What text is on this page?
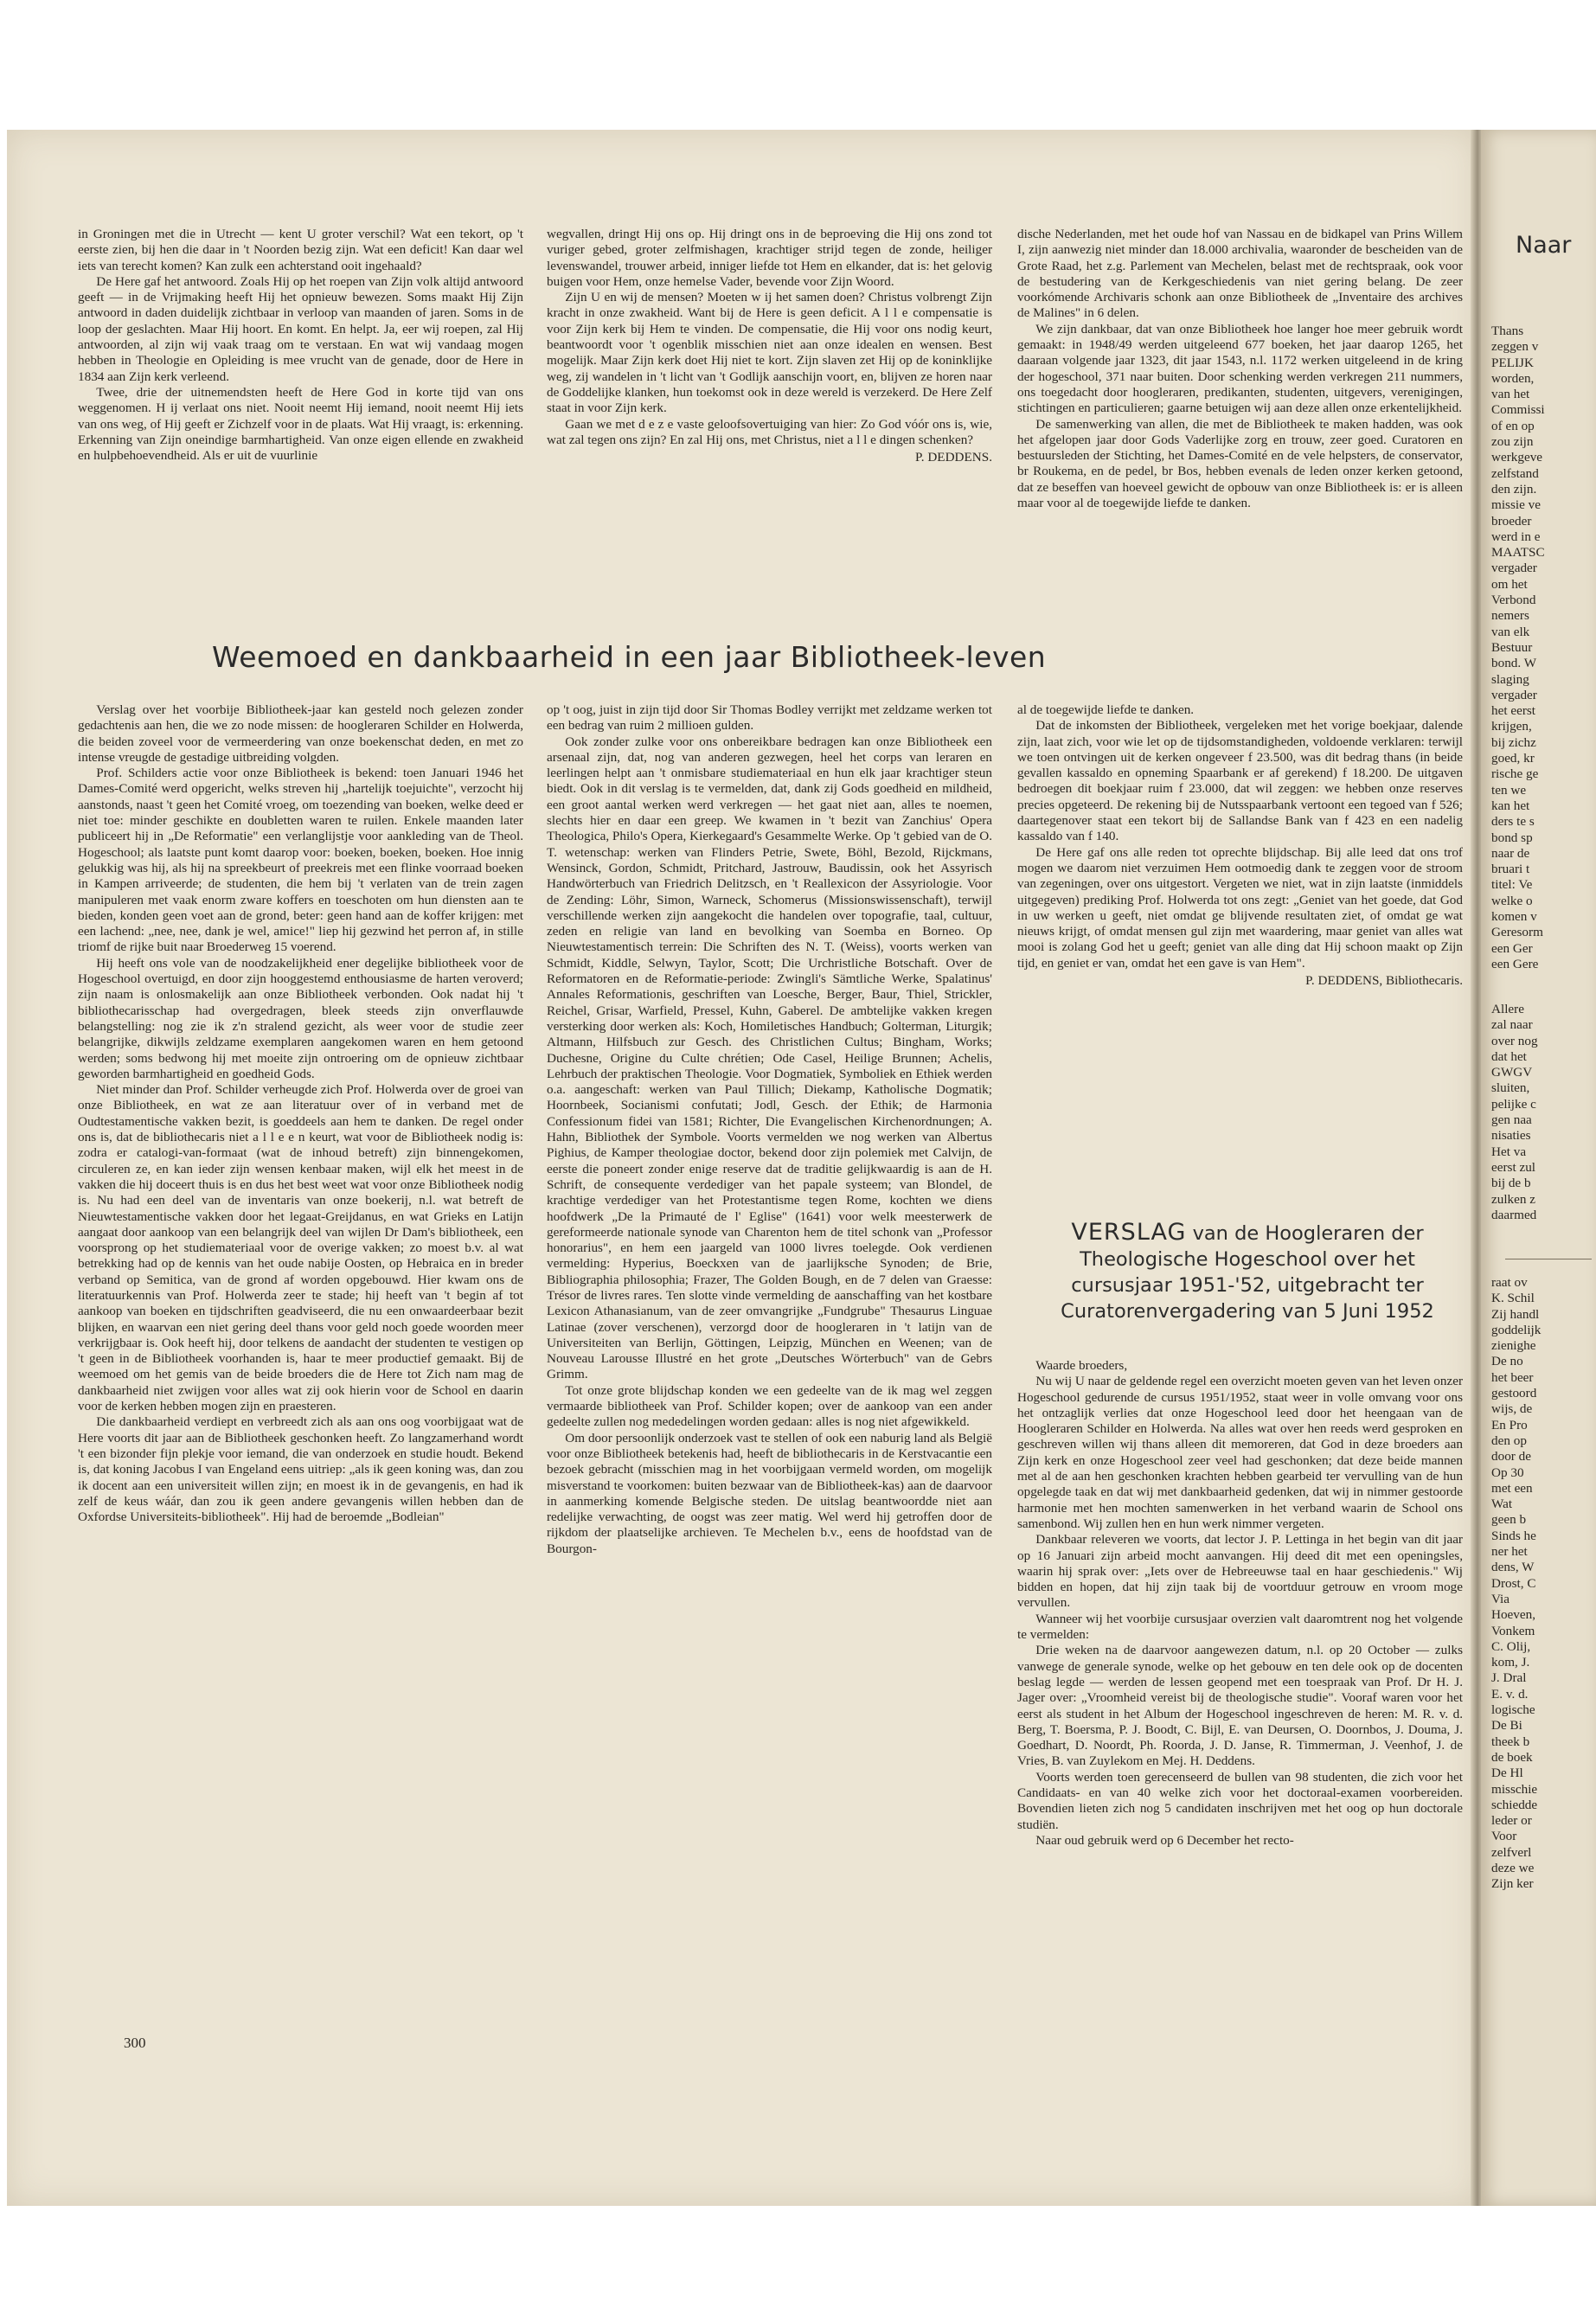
in Groningen met die in Utrecht — kent U groter verschil? Wat een tekort, op 't eerste zien, bij hen die daar in 't Noorden bezig zijn. Wat een deficit! Kan daar wel iets van terecht komen? Kan zulk een achterstand ooit ingehaald?

De Here gaf het antwoord. Zoals Hij op het roepen van Zijn volk altijd antwoord geeft — in de Vrijmaking heeft Hij het opnieuw bewezen. Soms maakt Hij Zijn antwoord in daden duidelijk zichtbaar in verloop van maanden of jaren. Soms in de loop der geslachten. Maar Hij hoort. En komt. En helpt. Ja, eer wij roepen, zal Hij antwoorden, al zijn wij vaak traag om te verstaan. En wat wij vandaag mogen hebben in Theologie en Opleiding is mee vrucht van de genade, door de Here in 1834 aan Zijn kerk verleend.

Twee, drie der uitnemendsten heeft de Here God in korte tijd van ons weggenomen. H ij verlaat ons niet. Nooit neemt Hij iemand, nooit neemt Hij iets van ons weg, of Hij geeft er Zichzelf voor in de plaats. Wat Hij vraagt, is: erkenning. Erkenning van Zijn oneindige barmhartigheid. Van onze eigen ellende en zwakheid en hulpbehoevendheid. Als er uit de vuurlinie

wegvallen, dringt Hij ons op. Hij dringt ons in de beproeving die Hij ons zond tot vuriger gebed, groter zelfmishagen, krachtiger strijd tegen de zonde, heiliger levenswandel, trouwer arbeid, inniger liefde tot Hem en elkander, dat is: het gelovig buigen voor Hem, onze hemelse Vader, bevende voor Zijn Woord.

Zijn U en wij de mensen? Moeten w ij het samen doen? Christus volbrengt Zijn kracht in onze zwakheid. Want bij de Here is geen deficit. A l l e compensatie is voor Zijn kerk bij Hem te vinden. De compensatie, die Hij voor ons nodig keurt, beantwoordt voor 't ogenblik misschien niet aan onze idealen en wensen. Best mogelijk. Maar Zijn kerk doet Hij niet te kort. Zijn slaven zet Hij op de koninklijke weg, zij wandelen in 't licht van 't Godlijk aanschijn voort, en, blijven ze horen naar de Goddelijke klanken, hun toekomst ook in deze wereld is verzekerd. De Here Zelf staat in voor Zijn kerk.

Gaan we met d e z e vaste geloofsovertuiging van hier: Zo God vóór ons is, wie, wat zal tegen ons zijn? En zal Hij ons, met Christus, niet a l l e dingen schenken?

P. DEDDENS.

dische Nederlanden, met het oude hof van Nassau en de bidkapel van Prins Willem I, zijn aanwezig niet minder dan 18.000 archivalia, waaronder de bescheiden van de Grote Raad, het z.g. Parlement van Mechelen, belast met de rechtspraak, ook voor de bestudering van de Kerkgeschiedenis van niet gering belang. De zeer voorkómende Archivaris schonk aan onze Bibliotheek de „Inventaire des archives de Malines" in 6 delen.

We zijn dankbaar, dat van onze Bibliotheek hoe langer hoe meer gebruik wordt gemaakt: in 1948/49 werden uitgeleend 677 boeken, het jaar daarop 1265, het daaraan volgende jaar 1323, dit jaar 1543, n.l. 1172 werken uitgeleend in de kring der hogeschool, 371 naar buiten. Door schenking werden verkregen 211 nummers, ons toegedacht door hoogleraren, predikanten, studenten, uitgevers, verenigingen, stichtingen en particulieren; gaarne betuigen wij aan deze allen onze erkentelijkheid.

De samenwerking van allen, die met de Bibliotheek te maken hadden, was ook het afgelopen jaar door Gods Vaderlijke zorg en trouw, zeer goed. Curatoren en bestuursleden der Stichting, het Dames-Comité en de vele helpsters, de conservator, br Roukema, en de pedel, br Bos, hebben evenals de leden onzer kerken getoond, dat ze beseffen van hoeveel gewicht de opbouw van onze Bibliotheek is: er is alleen maar voor al de toegewijde liefde te danken.

Weemoed en dankbaarheid in een jaar Bibliotheek-leven

Verslag over het voorbije Bibliotheek-jaar kan gesteld noch gelezen zonder gedachtenis aan hen, die we zo node missen: de hoogleraren Schilder en Holwerda, die beiden zoveel voor de vermeerdering van onze boekenschat deden, en met zo intense vreugde de gestadige uitbreiding volgden.

Prof. Schilders actie voor onze Bibliotheek is bekend: toen Januari 1946 het Dames-Comité werd opgericht, welks streven hij „hartelijk toejuichte", verzocht hij aanstonds, naast 't geen het Comité vroeg, om toezending van boeken, welke deed er niet toe: minder geschikte en doubletten waren te ruilen. Enkele maanden later publiceert hij in „De Reformatie" een verlanglijstje voor aankleding van de Theol. Hogeschool; als laatste punt komt daarop voor: boeken, boeken, boeken. Hoe innig gelukkig was hij, als hij na spreekbeurt of preekreis met een flinke voorraad boeken in Kampen arriveerde; de studenten, die hem bij 't verlaten van de trein zagen manipuleren met vaak enorm zware koffers en toeschoten om hun diensten aan te bieden, konden geen voet aan de grond, beter: geen hand aan de koffer krijgen: met een lachend: „nee, nee, dank je wel, amice!" liep hij gezwind het perron af, in stille triomf de rijke buit naar Broederweg 15 voerend.

Hij heeft ons vole van de noodzakelijkheid ener degelijke bibliotheek voor de Hogeschool overtuigd, en door zijn hooggestemd enthousiasme de harten veroverd; zijn naam is onlosmakelijk aan onze Bibliotheek verbonden. Ook nadat hij 't bibliothecarisschap had overgedragen, bleek steeds zijn onverflauwde belangstelling: nog zie ik z'n stralend gezicht, als weer voor de studie zeer belangrijke, dikwijls zeldzame exemplaren aangekomen waren en hem getoond werden; soms bedwong hij met moeite zijn ontroering om de opnieuw zichtbaar geworden barmhartigheid en goedheid Gods.

Niet minder dan Prof. Schilder verheugde zich Prof. Holwerda over de groei van onze Bibliotheek, en wat ze aan literatuur over of in verband met de Oudtestamentische vakken bezit, is goeddeels aan hem te danken. De regel onder ons is, dat de bibliothecaris niet a l l e e n keurt, wat voor de Bibliotheek nodig is: zodra er catalogi-van-formaat (wat de inhoud betreft) zijn binnengekomen, circuleren ze, en kan ieder zijn wensen kenbaar maken, wijl elk het meest in de vakken die hij doceert thuis is en dus het best weet wat voor onze Bibliotheek nodig is. Nu had een deel van de inventaris van onze boekerij, n.l. wat betreft de Nieuwtestamentische vakken door het legaat-Greijdanus, en wat Grieks en Latijn aangaat door aankoop van een belangrijk deel van wijlen Dr Dam's bibliotheek, een voorsprong op het studiemateriaal voor de overige vakken; zo moest b.v. al wat betrekking had op de kennis van het oude nabije Oosten, op Hebraica en in breder verband op Semitica, van de grond af worden opgebouwd. Hier kwam ons de literatuurkennis van Prof. Holwerda zeer te stade; hij heeft van 't begin af tot aankoop van boeken en tijdschriften geadviseerd, die nu een onwaardeerbaar bezit blijken, en waarvan een niet gering deel thans voor geld noch goede woorden meer verkrijgbaar is. Ook heeft hij, door telkens de aandacht der studenten te vestigen op 't geen in de Bibliotheek voorhanden is, haar te meer productief gemaakt. Bij de weemoed om het gemis van de beide broeders die de Here tot Zich nam mag de dankbaarheid niet zwijgen voor alles wat zij ook hierin voor de School en daarin voor de kerken hebben mogen zijn en praesteren.

Die dankbaarheid verdiept en verbreedt zich als aan ons oog voorbijgaat wat de Here voorts dit jaar aan de Bibliotheek geschonken heeft. Zo langzamerhand wordt 't een bizonder fijn plekje voor iemand, die van onderzoek en studie houdt. Bekend is, dat koning Jacobus I van Engeland eens uitriep: „als ik geen koning was, dan zou ik docent aan een universiteit willen zijn; en moest ik in de gevangenis, en had ik zelf de keus wáár, dan zou ik geen andere gevangenis willen hebben dan de Oxfordse Universiteits-bibliotheek". Hij had de beroemde „Bodleian"

op 't oog, juist in zijn tijd door Sir Thomas Bodley verrijkt met zeldzame werken tot een bedrag van ruim 2 millioen gulden.

Ook zonder zulke voor ons onbereikbare bedragen kan onze Bibliotheek een arsenaal zijn, dat, nog van anderen gezwegen, heel het corps van leraren en leerlingen helpt aan 't onmisbare studiemateriaal en hun elk jaar krachtiger steun biedt. Ook in dit verslag is te vermelden, dat, dank zij Gods goedheid en mildheid, een groot aantal werken werd verkregen — het gaat niet aan, alles te noemen, slechts hier en daar een greep. We kwamen in 't bezit van Zanchius' Opera Theologica, Philo's Opera, Kierkegaard's Gesammelte Werke. Op 't gebied van de O. T. wetenschap: werken van Flinders Petrie, Swete, Böhl, Bezold, Rijckmans, Wensinck, Gordon, Schmidt, Pritchard, Jastrouw, Baudissin, ook het Assyrisch Handwörterbuch van Friedrich Delitzsch, en 't Reallexicon der Assyriologie. Voor de Zending: Löhr, Simon, Warneck, Schomerus (Missionswissenschaft), terwijl verschillende werken zijn aangekocht die handelen over topografie, taal, cultuur, zeden en religie van land en bevolking van Soemba en Borneo. Op Nieuwtestamentisch terrein: Die Schriften des N. T. (Weiss), voorts werken van Schmidt, Kiddle, Selwyn, Taylor, Scott; Die Urchristliche Botschaft. Over de Reformatoren en de Reformatie-periode: Zwingli's Sämtliche Werke, Spalatinus' Annales Reformationis, geschriften van Loesche, Berger, Baur, Thiel, Strickler, Reichel, Grisar, Warfield, Pressel, Kuhn, Gaberel. De ambtelijke vakken kregen versterking door werken als: Koch, Homiletisches Handbuch; Golterman, Liturgik; Altmann, Hilfsbuch zur Gesch. des Christlichen Cultus; Bingham, Works; Duchesne, Origine du Culte chrétien; Ode Casel, Heilige Brunnen; Achelis, Lehrbuch der praktischen Theologie. Voor Dogmatiek, Symboliek en Ethiek werden o.a. aangeschaft: werken van Paul Tillich; Diekamp, Katholische Dogmatik; Hoornbeek, Socianismi confutati; Jodl, Gesch. der Ethik; de Harmonia Confessionum fidei van 1581; Richter, Die Evangelischen Kirchenordnungen; A. Hahn, Bibliothek der Symbole. Voorts vermelden we nog werken van Albertus Pighius, de Kamper theologiae doctor, bekend door zijn polemiek met Calvijn, de eerste die poneert zonder enige reserve dat de traditie gelijkwaardig is aan de H. Schrift, de consequente verdediger van het papale systeem; van Blondel, de krachtige verdediger van het Protestantisme tegen Rome, kochten we diens hoofdwerk „De la Primauté de l' Eglise" (1641) voor welk meesterwerk de gereformeerde nationale synode van Charenton hem de titel schonk van „Professor honorarius", en hem een jaargeld van 1000 livres toelegde. Ook verdienen vermelding: Hyperius, Boeckxen van de jaarlijksche Synoden; de Brie, Bibliographia philosophia; Frazer, The Golden Bough, en de 7 delen van Graesse: Trésor de livres rares. Ten slotte vinde vermelding de aanschaffing van het kostbare Lexicon Athanasianum, van de zeer omvangrijke „Fundgrube" Thesaurus Linguae Latinae (zover verschenen), verzorgd door de hoogleraren in 't latijn van de Universiteiten van Berlijn, Göttingen, Leipzig, München en Weenen; van de Nouveau Larousse Illustré en het grote „Deutsches Wörterbuch" van de Gebrs Grimm.

Tot onze grote blijdschap konden we een gedeelte van de ik mag wel zeggen vermaarde bibliotheek van Prof. Schilder kopen; over de aankoop van een ander gedeelte zullen nog mededelingen worden gedaan: alles is nog niet afgewikkeld.

Om door persoonlijk onderzoek vast te stellen of ook een naburig land als België voor onze Bibliotheek betekenis had, heeft de bibliothecaris in de Kerstvacantie een bezoek gebracht (misschien mag in het voorbijgaan vermeld worden, om mogelijk misverstand te voorkomen: buiten bezwaar van de Bibliotheek-kas) aan de daarvoor in aanmerking komende Belgische steden. De uitslag beantwoordde niet aan redelijke verwachting, de oogst was zeer matig. Wel werd hij getroffen door de rijkdom der plaatselijke archieven. Te Mechelen b.v., eens de hoofdstad van de Bourgon-

al de toegewijde liefde te danken.

Dat de inkomsten der Bibliotheek, vergeleken met het vorige boekjaar, dalende zijn, laat zich, voor wie let op de tijdsomstandigheden, voldoende verklaren: terwijl we toen ontvingen uit de kerken ongeveer f 23.500, was dit bedrag thans (in beide gevallen kassaldo en opneming Spaarbank er af gerekend) f 18.200. De uitgaven bedroegen dit boekjaar ruim f 23.000, dat wil zeggen: we hebben onze reserves precies opgeteerd. De rekening bij de Nutsspaarbank vertoont een tegoed van f 526; daartegenover staat een tekort bij de Sallandse Bank van f 423 en een nadelig kassaldo van f 140.

De Here gaf ons alle reden tot oprechte blijdschap. Bij alle leed dat ons trof mogen we daarom niet verzuimen Hem ootmoedig dank te zeggen voor de stroom van zegeningen, over ons uitgestort. Vergeten we niet, wat in zijn laatste (inmiddels uitgegeven) prediking Prof. Holwerda tot ons zegt: „Geniet van het goede, dat God in uw werken u geeft, niet omdat ge blijvende resultaten ziet, of omdat ge wat nieuws krijgt, of omdat mensen gul zijn met waardering, maar geniet van alles wat mooi is zolang God het u geeft; geniet van alle ding dat Hij schoon maakt op Zijn tijd, en geniet er van, omdat het een gave is van Hem".

P. DEDDENS, Bibliothecaris.

VERSLAG van de Hoogleraren der Theologische Hogeschool over het cursusjaar 1951-'52, uitgebracht ter Curatorenvergadering van 5 Juni 1952

Waarde broeders,

Nu wij U naar de geldende regel een overzicht moeten geven van het leven onzer Hogeschool gedurende de cursus 1951/1952, staat weer in volle omvang voor ons het ontzaglijk verlies dat onze Hogeschool leed door het heengaan van de Hoogleraren Schilder en Holwerda. Na alles wat over hen reeds werd gesproken en geschreven willen wij thans alleen dit memoreren, dat God in deze broeders aan Zijn kerk en onze Hogeschool zeer veel had geschonken; dat deze beide mannen met al de aan hen geschonken krachten hebben gearbeid ter vervulling van de hun opgelegde taak en dat wij met dankbaarheid gedenken, dat wij in nimmer gestoorde harmonie met hen mochten samenwerken in het verband waarin de School ons samenbond. Wij zullen hen en hun werk nimmer vergeten.

Dankbaar releveren we voorts, dat lector J. P. Lettinga in het begin van dit jaar op 16 Januari zijn arbeid mocht aanvangen. Hij deed dit met een openingsles, waarin hij sprak over: „Iets over de Hebreeuwse taal en haar geschiedenis." Wij bidden en hopen, dat hij zijn taak bij de voortduur getrouw en vroom moge vervullen.

Wanneer wij het voorbije cursusjaar overzien valt daaromtrent nog het volgende te vermelden:

Drie weken na de daarvoor aangewezen datum, n.l. op 20 October — zulks vanwege de generale synode, welke op het gebouw en ten dele ook op de docenten beslag legde — werden de lessen geopend met een toespraak van Prof. Dr H. J. Jager over: „Vroomheid vereist bij de theologische studie". Vooraf waren voor het eerst als student in het Album der Hogeschool ingeschreven de heren: M. R. v. d. Berg, T. Boersma, P. J. Boodt, C. Bijl, E. van Deursen, O. Doornbos, J. Douma, J. Goedhart, D. Noordt, Ph. Roorda, J. D. Janse, R. Timmerman, J. Veenhof, J. de Vries, B. van Zuylekom en Mej. H. Deddens.

Voorts werden toen gerecenseerd de bullen van 98 studenten, die zich voor het Candidaats- en van 40 welke zich voor het doctoraal-examen voorbereiden. Bovendien lieten zich nog 5 candidaten inschrijven met het oog op hun doctorale studiën.

Naar oud gebruik werd op 6 December het recto-

300
Naar
Thans
zeggen v
PELIJK
worden,
van het
Commissi
of en op
zou zijn
werkgeve
zelfstand
den zijn.
missie ve
broeder
werd in e
MAATSC
vergader
om het
Verbond
nemers
van elk
Bestuur
bond. W
slaging
vergader
het eerst
krijgen,
bij zichz
goed, kr
rische ge
ten we
kan het
ders te s
bond sp
naar de
bruari t
titel: Ve
welke o
komen v
Geresorm
een Ger
een Gere
Allere
zal naar
over nog
dat het
GWGV
sluiten,
pelijke c
gen naa
nisaties
Het va
eerst zul
bij de b
zulken z
daarmed
raat ov
K. Schil
Zij handl
goddelijk
zienighe
De no
het beer
gestoord
wijs, de
En Pro
den op
door de
Op 30
met een
Wat
geen b
Sinds he
ner het
dens, W
Drost, C
Via
Hoeven,
Vonkem
C. Olij,
kom, J.
J. Dral
E. v. d.
logische
De Bi
theek b
de boek
De Hl
misschie
schiedde
leder or
Voor
zelfverl
deze we
Zijn ker
